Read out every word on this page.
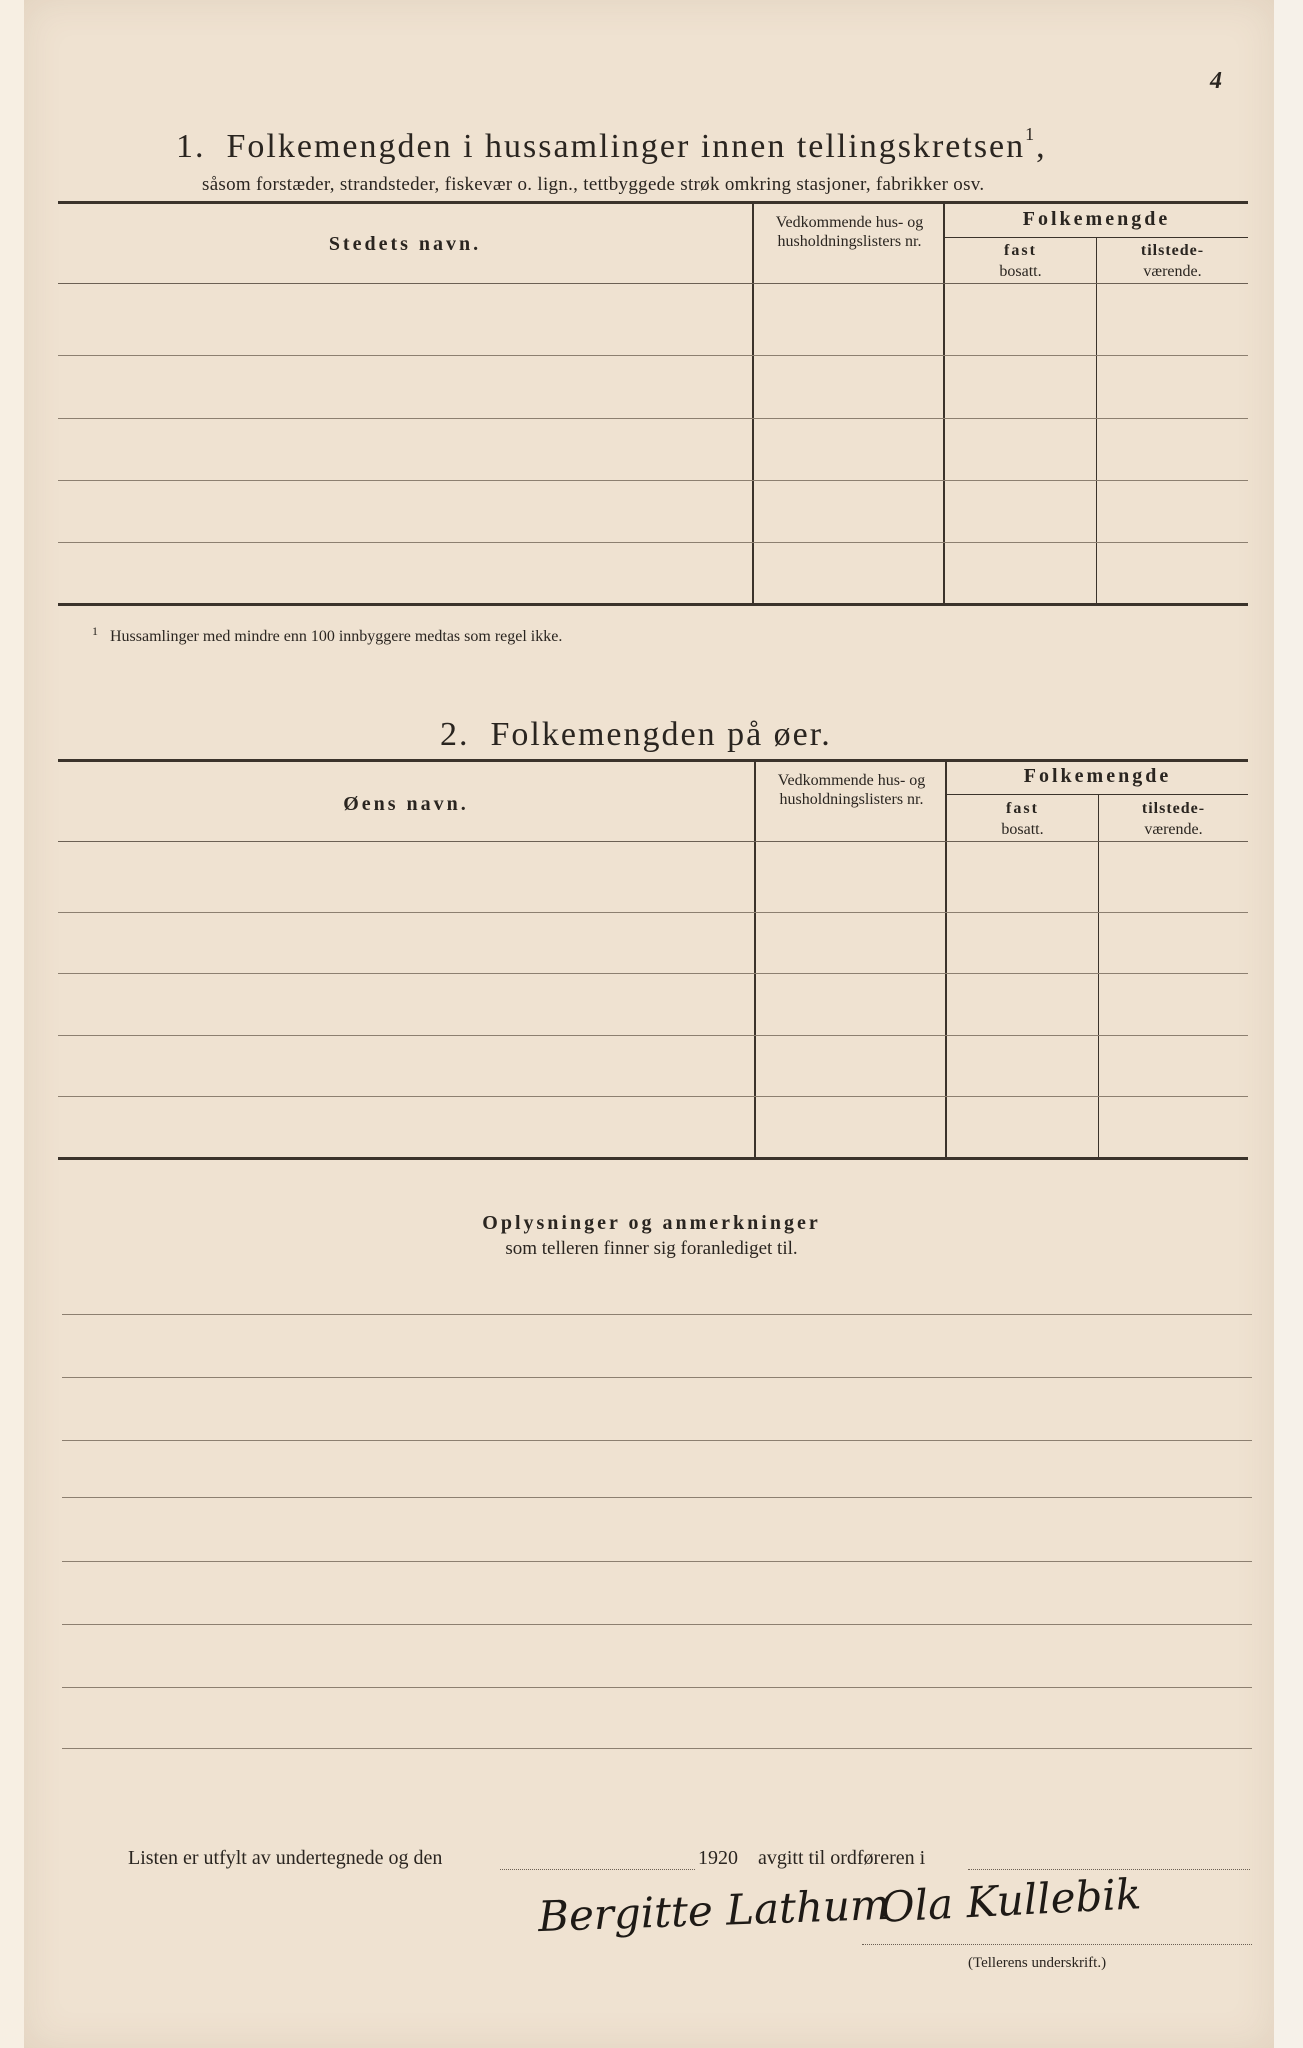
4
1. Folkemengden i hussamlinger innen tellingskretsen$^1$,
såsom forstæder, strandsteder, fiskevær o. lign., tettbyggede strøk omkring stasjoner, fabrikker osv.
Stedets navn.
Vedkommende hus- og husholdningslisters nr.
Folkemengde
fast
bosatt.
tilstede-
værende.
$^1$ Hussamlinger med mindre enn 100 innbyggere medtas som regel ikke.
2. Folkemengden på øer.
Øens navn.
Vedkommende hus- og husholdningslisters nr.
Folkemengde
fast
bosatt.
tilstede-
værende.
Oplysninger og anmerkninger
som telleren finner sig foranlediget til.
Listen er utfylt av undertegnede og den	1920 avgitt til ordføreren i
Bergitte Lathum
Ola Kullebik
(Tellerens underskrift.)
